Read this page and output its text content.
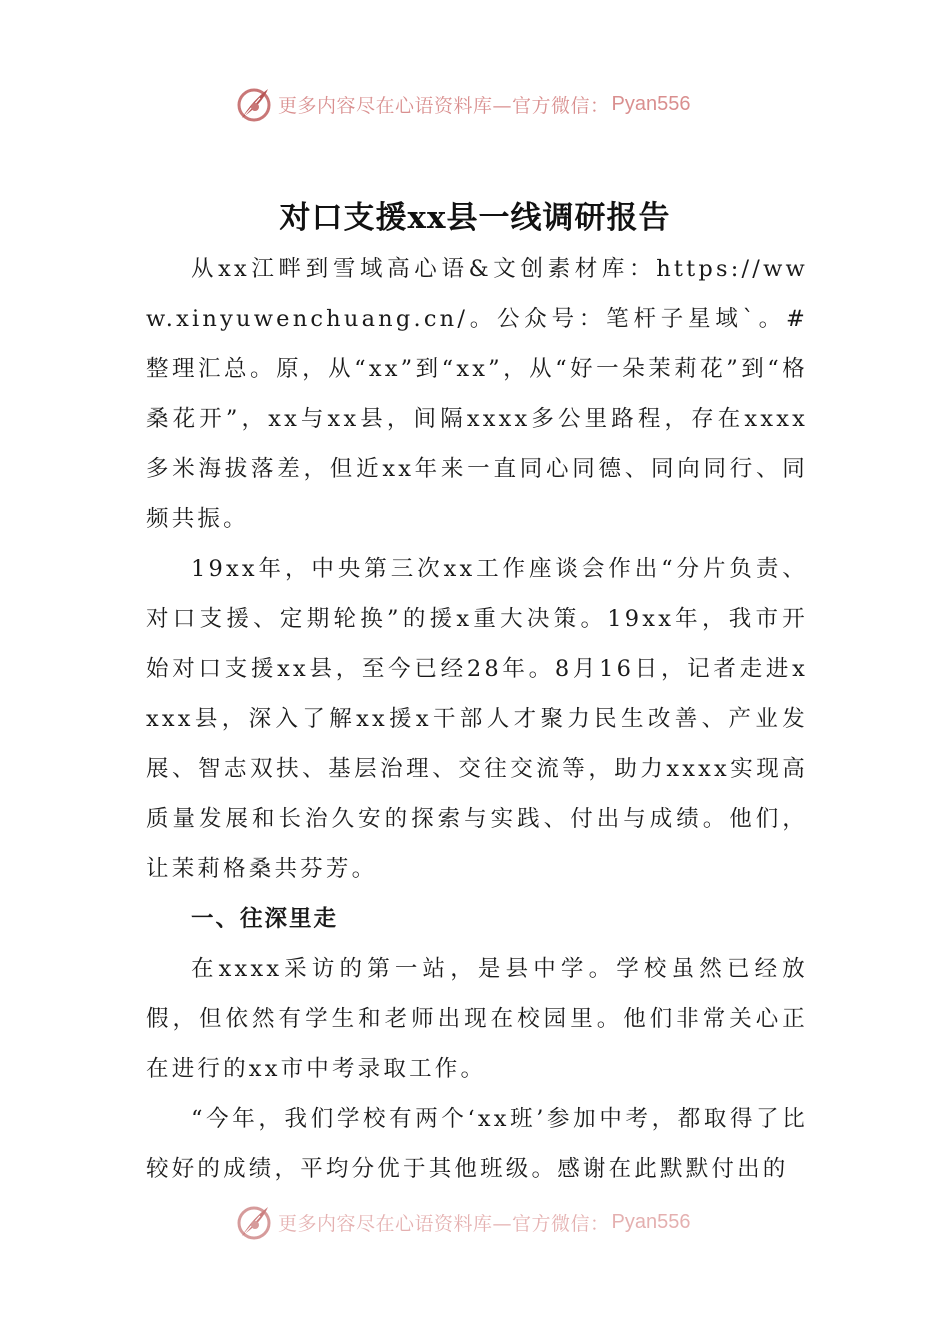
更多内容尽在心语资料库—官方微信： Pyan556
对口支援xx县一线调研报告

从xx江畔到雪域高心语&文创素材库：https://www.xinyuwenchuang.cn/。公众号：笔杆子星域`。#整理汇总。原，从“xx”到“xx”，从“好一朵茉莉花”到“格桑花开”，xx与xx县，间隔xxxx多公里路程，存在xxxx多米海拔落差，但近xx年来一直同心同德、同向同行、同频共振。

19xx年，中央第三次xx工作座谈会作出“分片负责、对口支援、定期轮换”的援x重大决策。19xx年，我市开始对口支援xx县，至今已经28年。8月16日，记者走进xxxx县，深入了解xx援x干部人才聚力民生改善、产业发展、智志双扶、基层治理、交往交流等，助力xxxx实现高质量发展和长治久安的探索与实践、付出与成绩。他们，让茉莉格桑共芬芳。

一、往深里走

在xxxx采访的第一站，是县中学。学校虽然已经放假，但依然有学生和老师出现在校园里。他们非常关心正在进行的xx市中考录取工作。

“今年，我们学校有两个‘xx班’参加中考，都取得了比较好的成绩，平均分优于其他班级。感谢在此默默付出的

更多内容尽在心语资料库—官方微信： Pyan556
